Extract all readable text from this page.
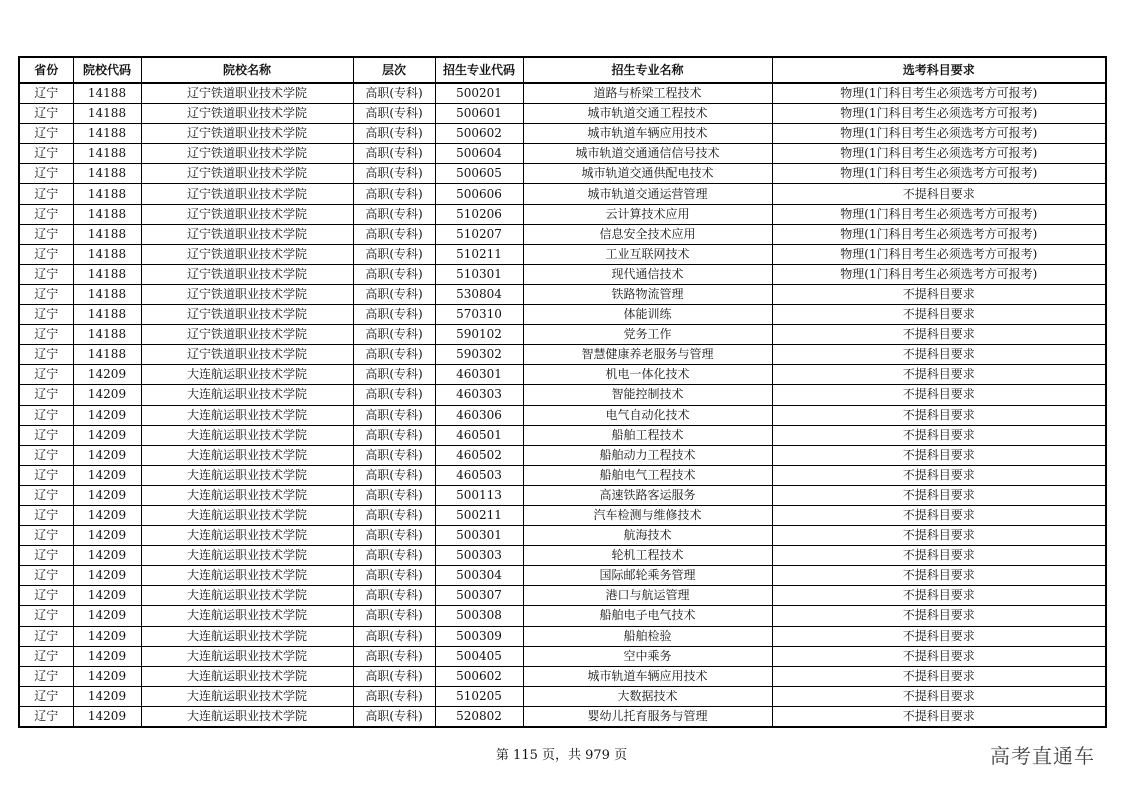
省份	院校代码	院校名称	层次	招生专业代码	招生专业名称	选考科目要求
辽宁	14188	辽宁铁道职业技术学院	高职(专科)	500201	道路与桥梁工程技术	物理(1门科目考生必须选考方可报考)
辽宁	14188	辽宁铁道职业技术学院	高职(专科)	500601	城市轨道交通工程技术	物理(1门科目考生必须选考方可报考)
辽宁	14188	辽宁铁道职业技术学院	高职(专科)	500602	城市轨道车辆应用技术	物理(1门科目考生必须选考方可报考)
辽宁	14188	辽宁铁道职业技术学院	高职(专科)	500604	城市轨道交通通信信号技术	物理(1门科目考生必须选考方可报考)
辽宁	14188	辽宁铁道职业技术学院	高职(专科)	500605	城市轨道交通供配电技术	物理(1门科目考生必须选考方可报考)
辽宁	14188	辽宁铁道职业技术学院	高职(专科)	500606	城市轨道交通运营管理	不提科目要求
辽宁	14188	辽宁铁道职业技术学院	高职(专科)	510206	云计算技术应用	物理(1门科目考生必须选考方可报考)
辽宁	14188	辽宁铁道职业技术学院	高职(专科)	510207	信息安全技术应用	物理(1门科目考生必须选考方可报考)
辽宁	14188	辽宁铁道职业技术学院	高职(专科)	510211	工业互联网技术	物理(1门科目考生必须选考方可报考)
辽宁	14188	辽宁铁道职业技术学院	高职(专科)	510301	现代通信技术	物理(1门科目考生必须选考方可报考)
辽宁	14188	辽宁铁道职业技术学院	高职(专科)	530804	铁路物流管理	不提科目要求
辽宁	14188	辽宁铁道职业技术学院	高职(专科)	570310	体能训练	不提科目要求
辽宁	14188	辽宁铁道职业技术学院	高职(专科)	590102	党务工作	不提科目要求
辽宁	14188	辽宁铁道职业技术学院	高职(专科)	590302	智慧健康养老服务与管理	不提科目要求
辽宁	14209	大连航运职业技术学院	高职(专科)	460301	机电一体化技术	不提科目要求
辽宁	14209	大连航运职业技术学院	高职(专科)	460303	智能控制技术	不提科目要求
辽宁	14209	大连航运职业技术学院	高职(专科)	460306	电气自动化技术	不提科目要求
辽宁	14209	大连航运职业技术学院	高职(专科)	460501	船舶工程技术	不提科目要求
辽宁	14209	大连航运职业技术学院	高职(专科)	460502	船舶动力工程技术	不提科目要求
辽宁	14209	大连航运职业技术学院	高职(专科)	460503	船舶电气工程技术	不提科目要求
辽宁	14209	大连航运职业技术学院	高职(专科)	500113	高速铁路客运服务	不提科目要求
辽宁	14209	大连航运职业技术学院	高职(专科)	500211	汽车检测与维修技术	不提科目要求
辽宁	14209	大连航运职业技术学院	高职(专科)	500301	航海技术	不提科目要求
辽宁	14209	大连航运职业技术学院	高职(专科)	500303	轮机工程技术	不提科目要求
辽宁	14209	大连航运职业技术学院	高职(专科)	500304	国际邮轮乘务管理	不提科目要求
辽宁	14209	大连航运职业技术学院	高职(专科)	500307	港口与航运管理	不提科目要求
辽宁	14209	大连航运职业技术学院	高职(专科)	500308	船舶电子电气技术	不提科目要求
辽宁	14209	大连航运职业技术学院	高职(专科)	500309	船舶检验	不提科目要求
辽宁	14209	大连航运职业技术学院	高职(专科)	500405	空中乘务	不提科目要求
辽宁	14209	大连航运职业技术学院	高职(专科)	500602	城市轨道车辆应用技术	不提科目要求
辽宁	14209	大连航运职业技术学院	高职(专科)	510205	大数据技术	不提科目要求
辽宁	14209	大连航运职业技术学院	高职(专科)	520802	婴幼儿托育服务与管理	不提科目要求
第 115 页，共 979 页	高考直通车
